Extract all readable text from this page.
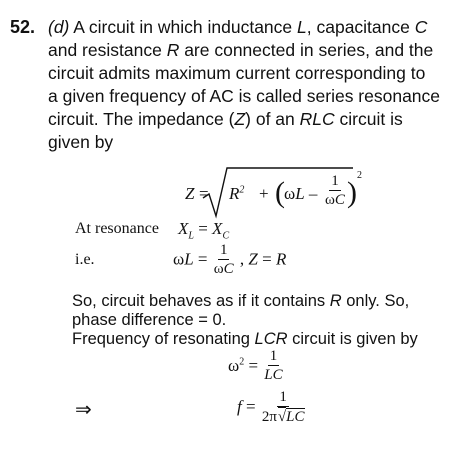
52. (d) A circuit in which inductance L, capacitance C
and resistance R are connected in series, and the
circuit admits maximum current corresponding to
a given frequency of AC is called series resonance
circuit. The impedance (Z) of an RLC circuit is
given by
$Z = R^2$ + ( ωL – $\frac{1}{\omega C}$ )
2
At resonance $X_L = X_C$
i.e.	$\omega L = \frac{1}{\omega C}$ , Z = R
So, circuit behaves as if it contains R only. So,
phase difference = 0.
Frequency of resonating LCR circuit is given by
$\omega^2 = \frac{1}{LC}$
⇒	$f = \frac{1}{2\pi√LC}$
